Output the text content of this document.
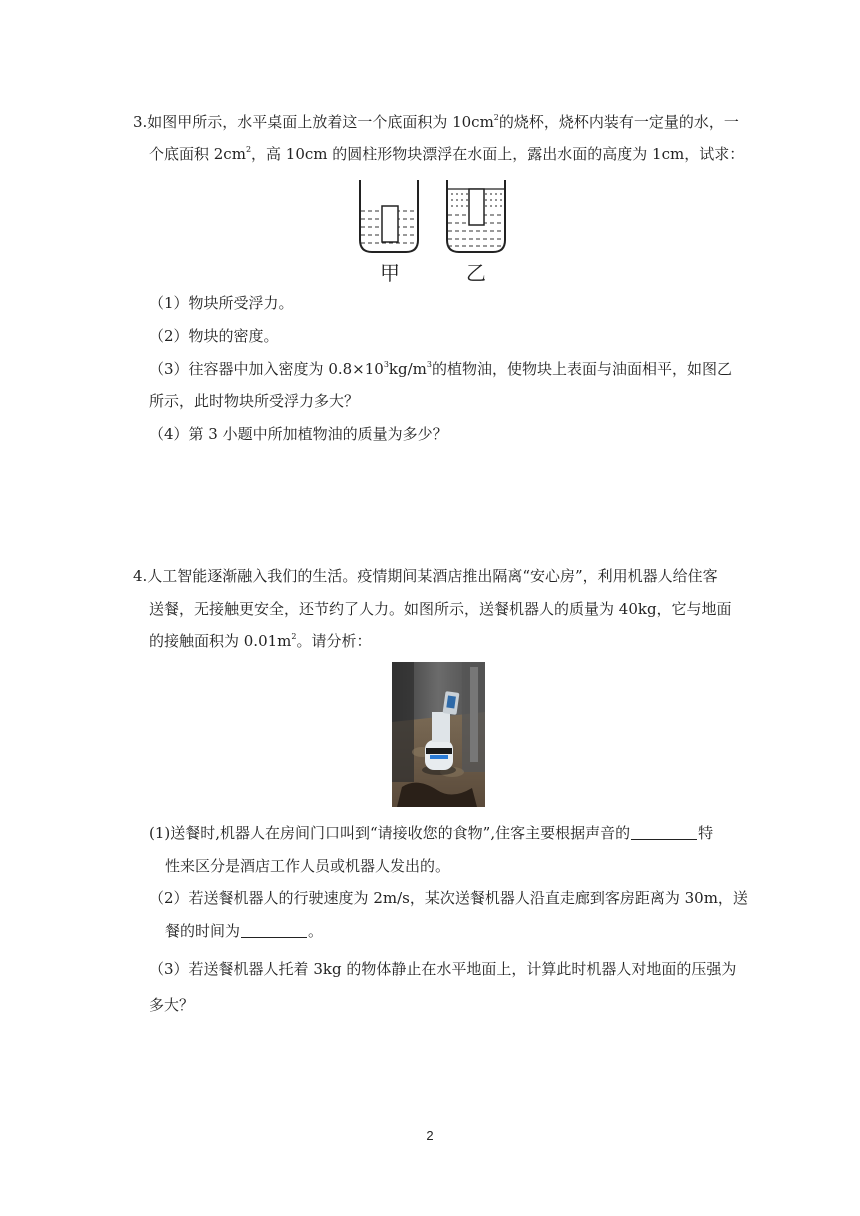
3.如图甲所示，水平桌面上放着这一个底面积为 $10cm^2$的烧杯，烧杯内装有一定量的水，一
个底面积 $2cm^2$，高 10cm 的圆柱形物块漂浮在水面上，露出水面的高度为 1cm，试求：
甲	乙
（1）物块所受浮力。
（2）物块的密度。
（3）往容器中加入密度为 $0.8\times 10^3kg/m^3$的植物油，使物块上表面与油面相平，如图乙
所示，此时物块所受浮力多大？
（4）第 3 小题中所加植物油的质量为多少？
4.人工智能逐渐融入我们的生活。疫情期间某酒店推出隔离“安心房”，利用机器人给住客
送餐，无接触更安全，还节约了人力。如图所示，送餐机器人的质量为 40kg，它与地面
的接触面积为 $0.01m^2$。请分析：
(1)送餐时,机器人在房间门口叫到“请接收您的食物”,住客主要根据声音的	特
性来区分是酒店工作人员或机器人发出的。
（2）若送餐机器人的行驶速度为 2m/s，某次送餐机器人沿直走廊到客房距离为 30m，送
餐的时间为	。
（3）若送餐机器人托着 3kg 的物体静止在水平地面上，计算此时机器人对地面的压强为
多大？
2
